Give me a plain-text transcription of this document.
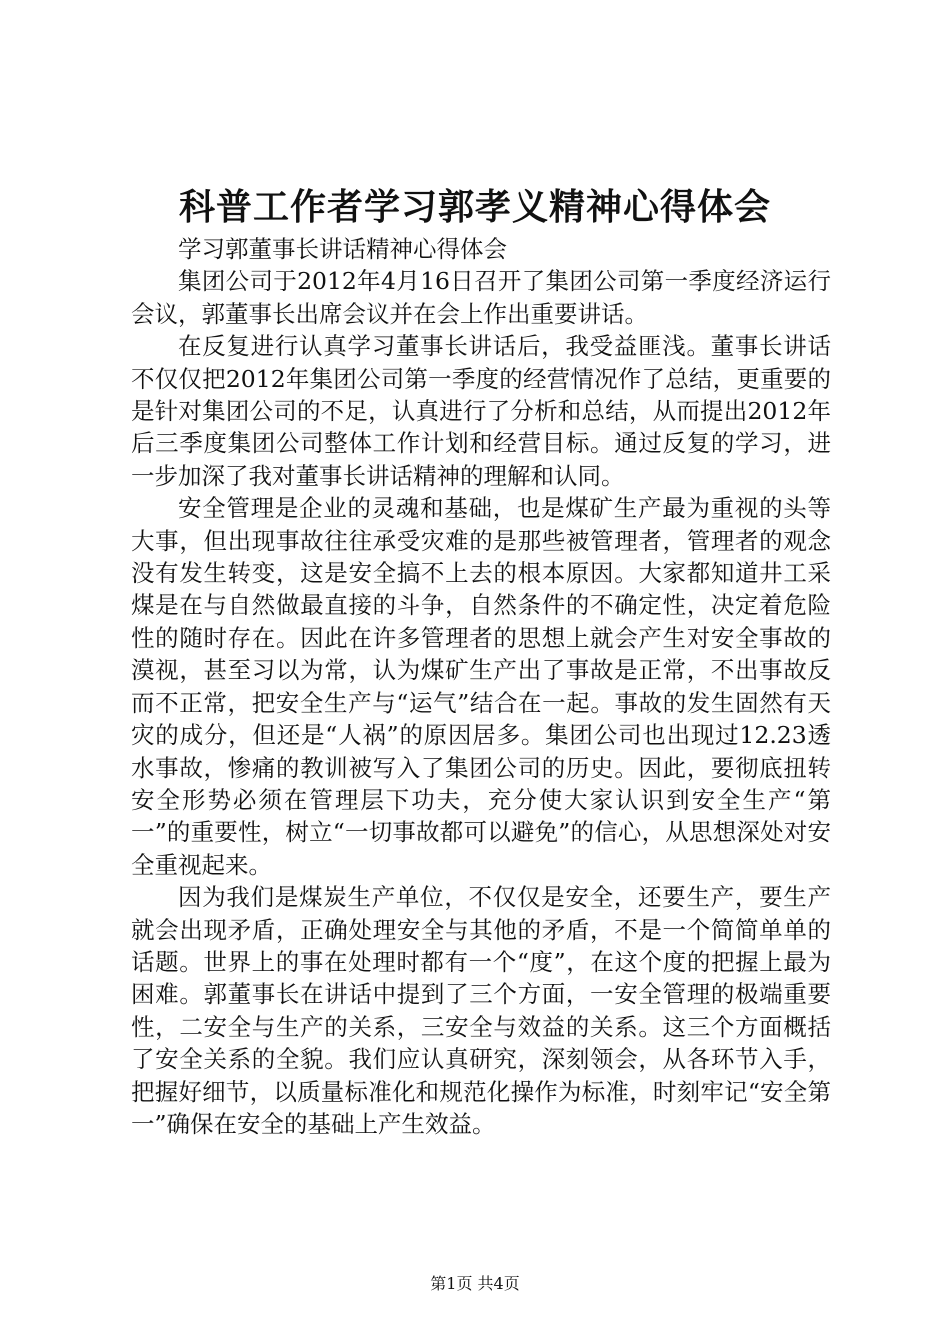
科普工作者学习郭孝义精神心得体会

学习郭董事长讲话精神心得体会

集团公司于2012年4月16日召开了集团公司第一季度经济运行会议，郭董事长出席会议并在会上作出重要讲话。

在反复进行认真学习董事长讲话后，我受益匪浅。董事长讲话不仅仅把2012年集团公司第一季度的经营情况作了总结，更重要的是针对集团公司的不足，认真进行了分析和总结，从而提出2012年后三季度集团公司整体工作计划和经营目标。通过反复的学习，进一步加深了我对董事长讲话精神的理解和认同。

安全管理是企业的灵魂和基础，也是煤矿生产最为重视的头等大事，但出现事故往往承受灾难的是那些被管理者，管理者的观念没有发生转变，这是安全搞不上去的根本原因。大家都知道井工采煤是在与自然做最直接的斗争，自然条件的不确定性，决定着危险性的随时存在。因此在许多管理者的思想上就会产生对安全事故的漠视，甚至习以为常，认为煤矿生产出了事故是正常，不出事故反而不正常，把安全生产与“运气”结合在一起。事故的发生固然有天灾的成分，但还是“人祸”的原因居多。集团公司也出现过12.23透水事故，惨痛的教训被写入了集团公司的历史。因此，要彻底扭转安全形势必须在管理层下功夫，充分使大家认识到安全生产“第一”的重要性，树立“一切事故都可以避免”的信心，从思想深处对安全重视起来。

因为我们是煤炭生产单位，不仅仅是安全，还要生产，要生产就会出现矛盾，正确处理安全与其他的矛盾，不是一个简简单单的话题。世界上的事在处理时都有一个“度”，在这个度的把握上最为困难。郭董事长在讲话中提到了三个方面，一安全管理的极端重要性，二安全与生产的关系，三安全与效益的关系。这三个方面概括了安全关系的全貌。我们应认真研究，深刻领会，从各环节入手，把握好细节，以质量标准化和规范化操作为标准，时刻牢记“安全第一”确保在安全的基础上产生效益。

第1页 共4页
